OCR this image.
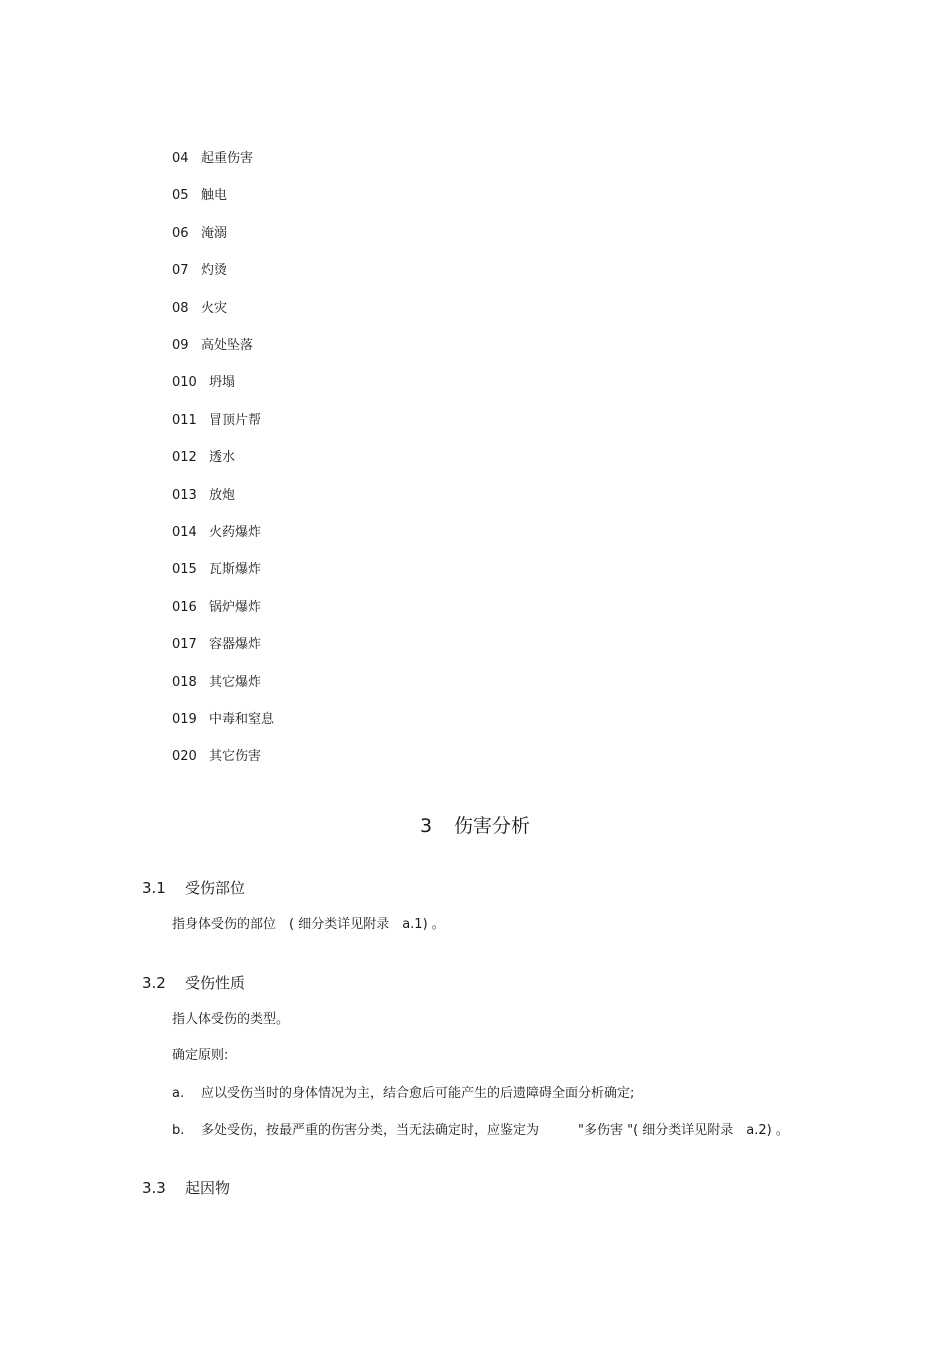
04 起重伤害
05 触电
06 淹溺
07 灼烫
08 火灾
09 高处坠落
010 坍塌
011 冒顶片帮
012 透水
013 放炮
014 火药爆炸
015 瓦斯爆炸
016 锅炉爆炸
017 容器爆炸
018 其它爆炸
019 中毒和窒息
020 其它伤害
3 伤害分析
3.1 受伤部位
指身体受伤的部位　( 细分类详见附录　a.1) 。
3.2 受伤性质
指人体受伤的类型。
确定原则:
a. 应以受伤当时的身体情况为主，结合愈后可能产生的后遗障碍全面分析确定;
b. 多处受伤，按最严重的伤害分类，当无法确定时，应鉴定为　　　"多伤害 "( 细分类详见附录　a.2) 。
3.3 起因物
